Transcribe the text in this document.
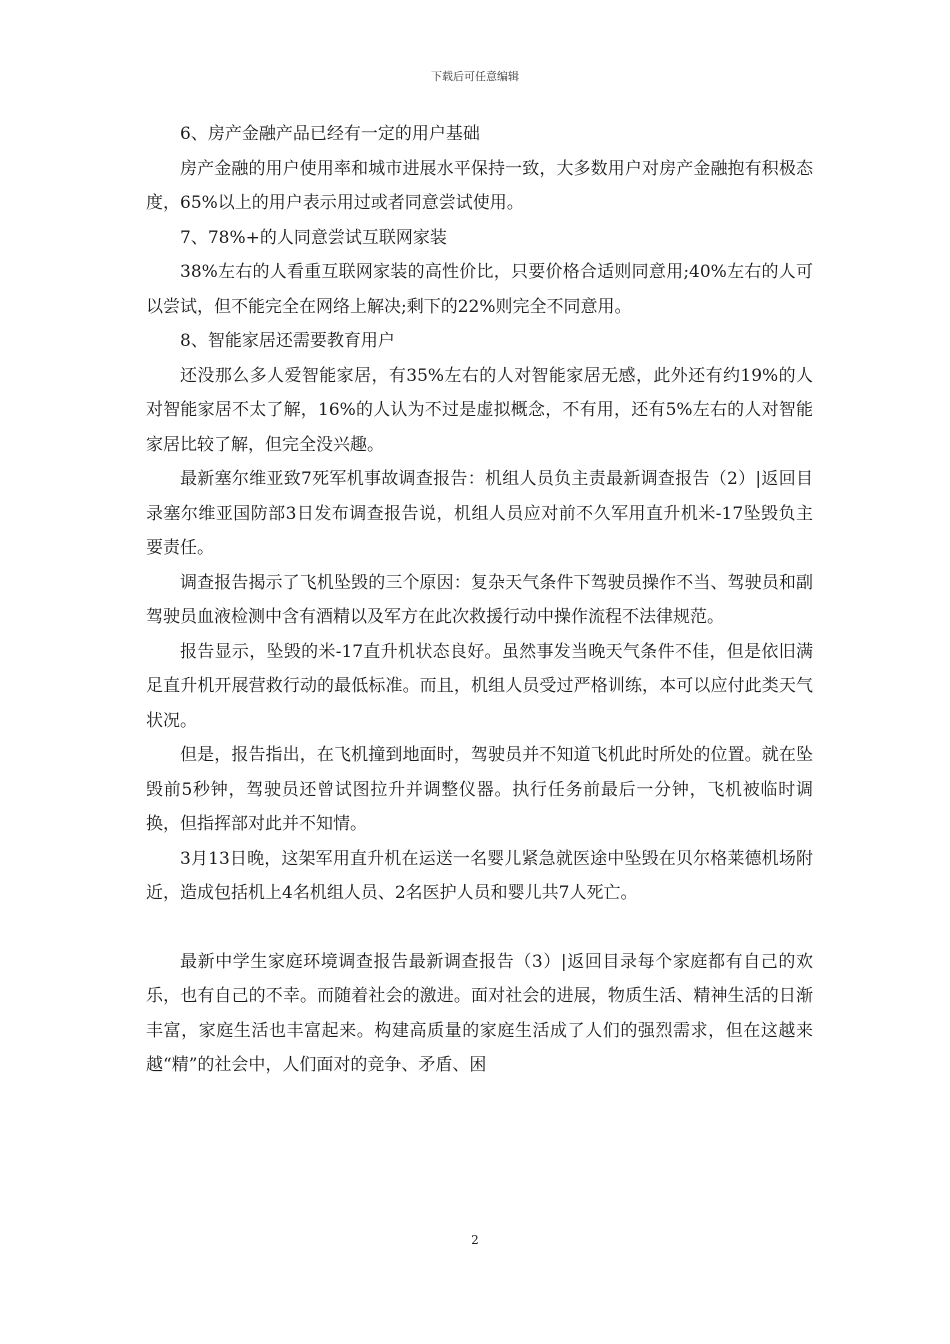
下载后可任意编辑

6、房产金融产品已经有一定的用户基础

房产金融的用户使用率和城市进展水平保持一致，大多数用户对房产金融抱有积极态度，65%以上的用户表示用过或者同意尝试使用。

7、78%+的人同意尝试互联网家装

38%左右的人看重互联网家装的高性价比，只要价格合适则同意用;40%左右的人可以尝试，但不能完全在网络上解决;剩下的22%则完全不同意用。

8、智能家居还需要教育用户

还没那么多人爱智能家居，有35%左右的人对智能家居无感，此外还有约19%的人对智能家居不太了解，16%的人认为不过是虚拟概念，不有用，还有5%左右的人对智能家居比较了解，但完全没兴趣。

最新塞尔维亚致7死军机事故调查报告：机组人员负主责最新调查报告（2）|返回目录塞尔维亚国防部3日发布调查报告说，机组人员应对前不久军用直升机米-17坠毁负主要责任。

调查报告揭示了飞机坠毁的三个原因：复杂天气条件下驾驶员操作不当、驾驶员和副驾驶员血液检测中含有酒精以及军方在此次救援行动中操作流程不法律规范。

报告显示，坠毁的米-17直升机状态良好。虽然事发当晚天气条件不佳，但是依旧满足直升机开展营救行动的最低标准。而且，机组人员受过严格训练，本可以应付此类天气状况。

但是，报告指出，在飞机撞到地面时，驾驶员并不知道飞机此时所处的位置。就在坠毁前5秒钟，驾驶员还曾试图拉升并调整仪器。执行任务前最后一分钟，飞机被临时调换，但指挥部对此并不知情。

3月13日晚，这架军用直升机在运送一名婴儿紧急就医途中坠毁在贝尔格莱德机场附近，造成包括机上4名机组人员、2名医护人员和婴儿共7人死亡。

最新中学生家庭环境调查报告最新调查报告（3）|返回目录每个家庭都有自己的欢乐，也有自己的不幸。而随着社会的激进。面对社会的进展，物质生活、精神生活的日渐丰富，家庭生活也丰富起来。构建高质量的家庭生活成了人们的强烈需求，但在这越来越“精”的社会中，人们面对的竞争、矛盾、困

2
